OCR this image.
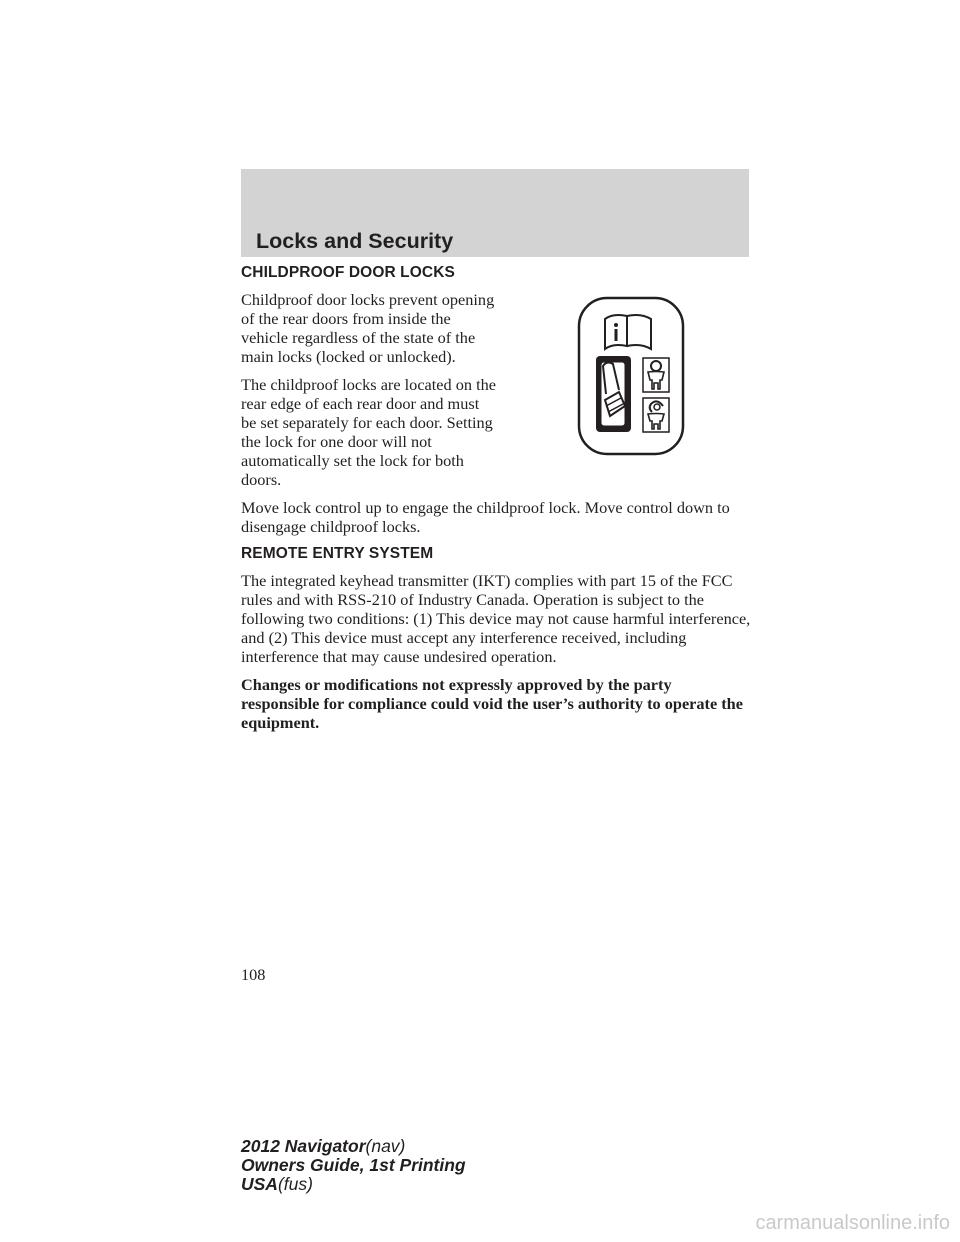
Locks and Security
CHILDPROOF DOOR LOCKS

Childproof door locks prevent opening of the rear doors from inside the vehicle regardless of the state of the main locks (locked or unlocked).

The childproof locks are located on the rear edge of each rear door and must be set separately for each door. Setting the lock for one door will not automatically set the lock for both doors.

Move lock control up to engage the childproof lock. Move control down to disengage childproof locks.

REMOTE ENTRY SYSTEM

The integrated keyhead transmitter (IKT) complies with part 15 of the FCC rules and with RSS-210 of Industry Canada. Operation is subject to the following two conditions: (1) This device may not cause harmful interference, and (2) This device must accept any interference received, including interference that may cause undesired operation.

Changes or modifications not expressly approved by the party responsible for compliance could void the user’s authority to operate the equipment.

108
2012 Navigator(nav)
Owners Guide, 1st Printing
USA(fus)
carmanualsonline.info
